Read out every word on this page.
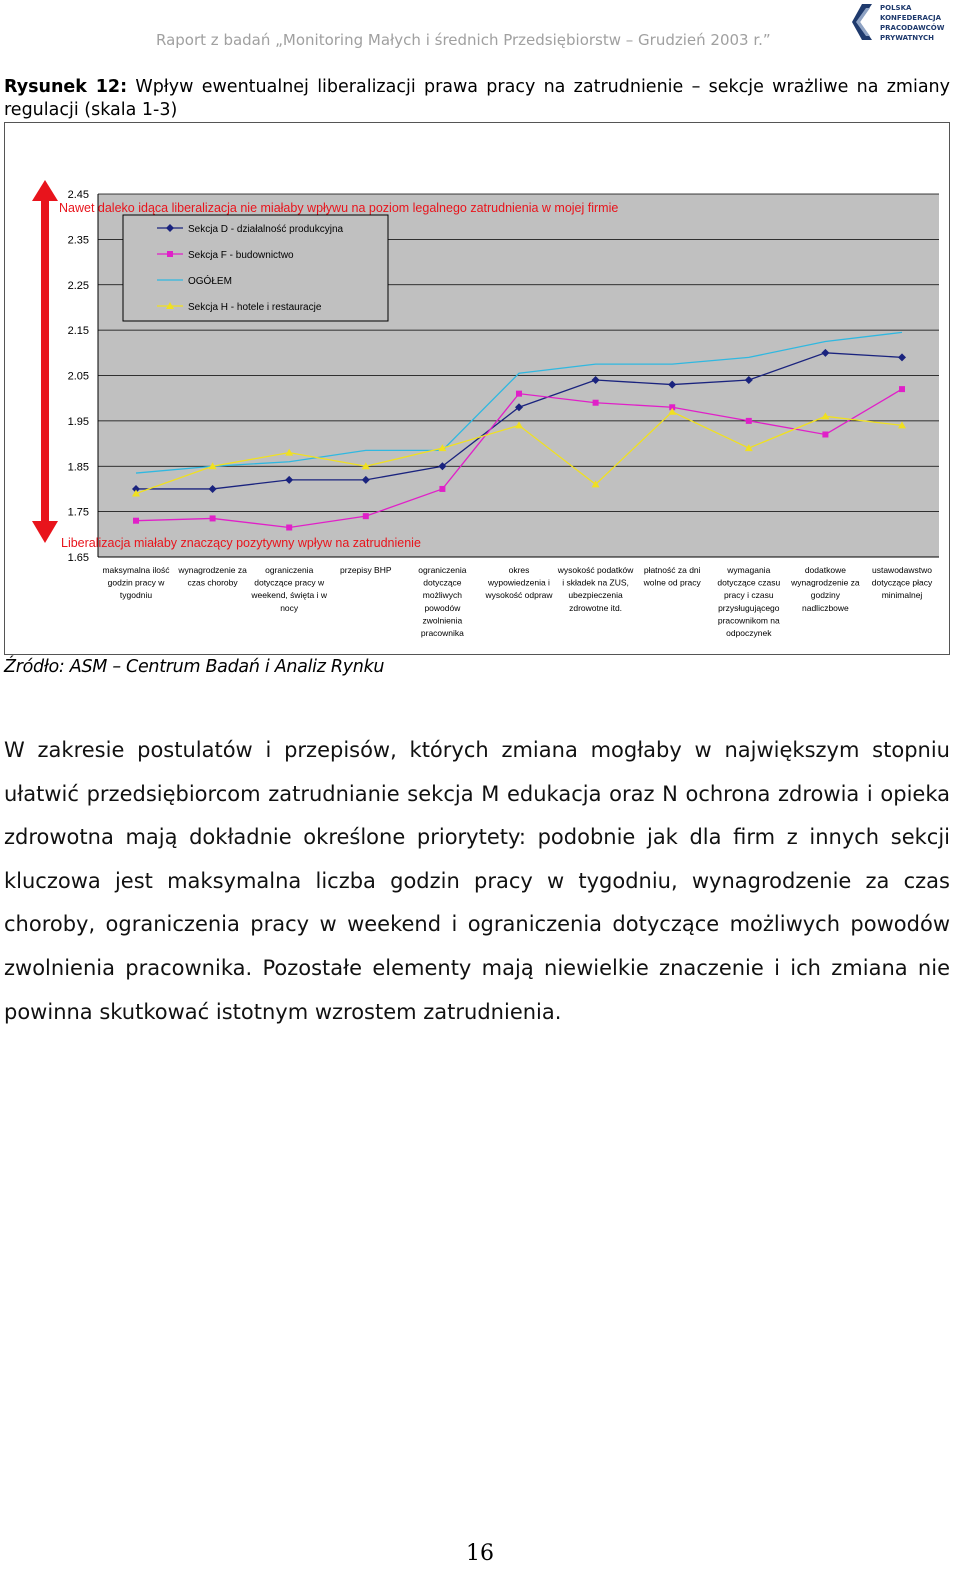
Raport z badań „Monitoring Małych i średnich Przedsiębiorstw – Grudzień 2003 r.”
POLSKA
KONFEDERACJA
PRACODAWCÓW
PRYWATNYCH
Rysunek 12: Wpływ ewentualnej liberalizacji prawa pracy na zatrudnienie – sekcje wrażliwe na zmiany regulacji (skala 1-3)
2.45
2.35
2.25
2.15
2.05
1.95
1.85
1.75
1.65
Nawet daleko idąca liberalizacja nie miałaby wpływu na poziom legalnego zatrudnienia w mojej firmie
Liberalizacja miałaby znaczący pozytywny wpływ na zatrudnienie
Sekcja D - działalność produkcyjna
Sekcja F - budownictwo
OGÓŁEM
Sekcja H - hotele i restauracje
maksymalna ilość
godzin pracy w
tygodniu
wynagrodzenie za
czas choroby
ograniczenia
dotyczące pracy w
weekend, święta i w
nocy
przepisy BHP	ograniczenia
dotyczące
możliwych
powodów
zwolnienia
pracownika
okres
wypowiedzenia i
wysokość odpraw
wysokość podatków
i składek na ZUS,
ubezpieczenia
zdrowotne itd.
płatność za dni
wolne od pracy
wymagania
dotyczące czasu
pracy i czasu
przysługującego
pracownikom na
odpoczynek
dodatkowe
wynagrodzenie za
godziny
nadliczbowe
ustawodawstwo
dotyczące płacy
minimalnej
Źródło: ASM – Centrum Badań i Analiz Rynku
W zakresie postulatów i przepisów, których zmiana mogłaby w największym stopniu ułatwić przedsiębiorcom zatrudnianie sekcja M edukacja oraz N ochrona zdrowia i opieka zdrowotna mają dokładnie określone priorytety: podobnie jak dla firm z innych sekcji kluczowa jest maksymalna liczba godzin pracy w tygodniu, wynagrodzenie za czas choroby, ograniczenia pracy w weekend i ograniczenia dotyczące możliwych powodów zwolnienia pracownika. Pozostałe elementy mają niewielkie znaczenie i ich zmiana nie powinna skutkować istotnym wzrostem zatrudnienia.
16
